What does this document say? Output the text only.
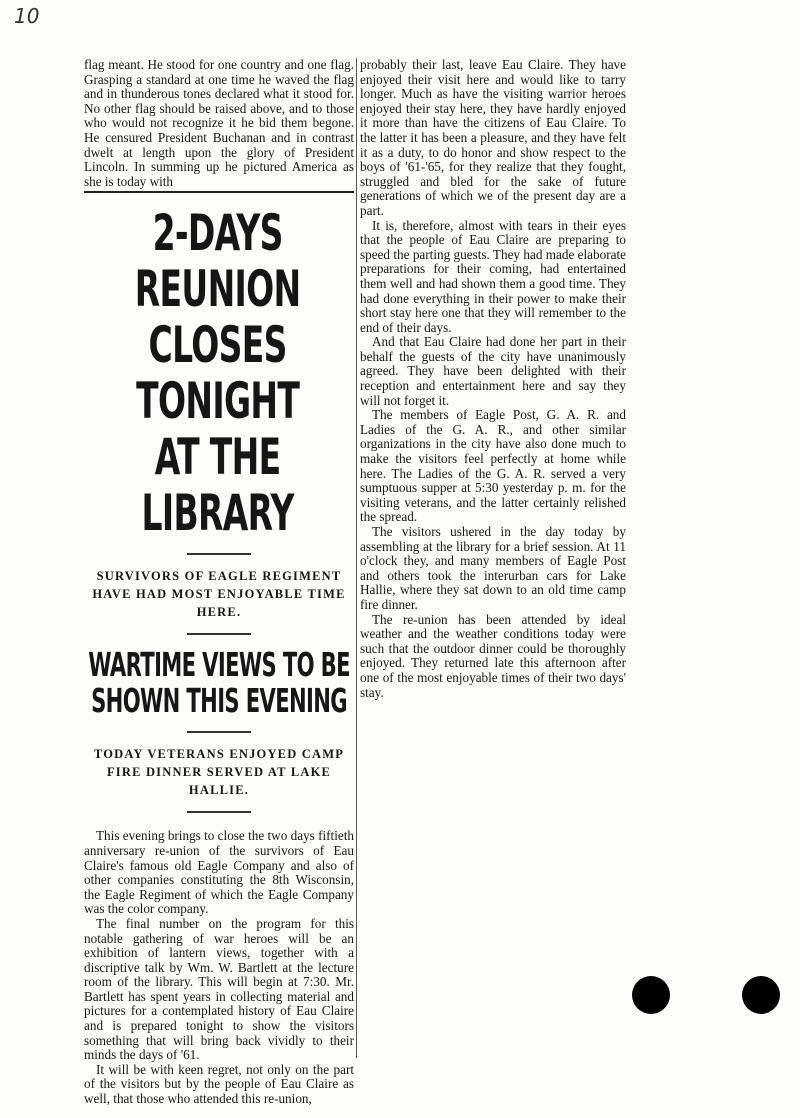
10

flag meant. He stood for one country and one flag. Grasping a standard at one time he waved the flag and in thunderous tones declared what it stood for. No other flag should be raised above, and to those who would not recognize it he bid them begone. He censured President Buchanan and in contrast dwelt at length upon the glory of President Lincoln. In summing up he pictured America as she is today with

2-DAYS REUNION
CLOSES TONIGHT
AT THE LIBRARY
SURVIVORS OF EAGLE REGIMENT HAVE HAD MOST ENJOYABLE TIME HERE.
WARTIME VIEWS TO BE
SHOWN THIS EVENING
TODAY VETERANS ENJOYED CAMP FIRE DINNER SERVED AT LAKE HALLIE.

This evening brings to close the two days fiftieth anniversary re-union of the survivors of Eau Claire's famous old Eagle Company and also of other companies constituting the 8th Wisconsin, the Eagle Regiment of which the Eagle Company was the color company.

The final number on the program for this notable gathering of war heroes will be an exhibition of lantern views, together with a discriptive talk by Wm. W. Bartlett at the lecture room of the library. This will begin at 7:30. Mr. Bartlett has spent years in collecting material and pictures for a contemplated history of Eau Claire and is prepared tonight to show the visitors something that will bring back vividly to their minds the days of '61.

It will be with keen regret, not only on the part of the visitors but by the people of Eau Claire as well, that those who attended this re-union,

probably their last, leave Eau Claire. They have enjoyed their visit here and would like to tarry longer. Much as have the visiting warrior heroes enjoyed their stay here, they have hardly enjoyed it more than have the citizens of Eau Claire. To the latter it has been a pleasure, and they have felt it as a duty, to do honor and show respect to the boys of '61-'65, for they realize that they fought, struggled and bled for the sake of future generations of which we of the present day are a part.

It is, therefore, almost with tears in their eyes that the people of Eau Claire are preparing to speed the parting guests. They had made elaborate preparations for their coming, had entertained them well and had shown them a good time. They had done everything in their power to make their short stay here one that they will remember to the end of their days.

And that Eau Claire had done her part in their behalf the guests of the city have unanimously agreed. They have been delighted with their reception and entertainment here and say they will not forget it.

The members of Eagle Post, G. A. R. and Ladies of the G. A. R., and other similar organizations in the city have also done much to make the visitors feel perfectly at home while here. The Ladies of the G. A. R. served a very sumptuous supper at 5:30 yesterday p. m. for the visiting veterans, and the latter certainly relished the spread.

The visitors ushered in the day today by assembling at the library for a brief session. At 11 o'clock they, and many members of Eagle Post and others took the interurban cars for Lake Hallie, where they sat down to an old time camp fire dinner.

The re-union has been attended by ideal weather and the weather conditions today were such that the outdoor dinner could be thoroughly enjoyed. They returned late this afternoon after one of the most enjoyable times of their two days' stay.
